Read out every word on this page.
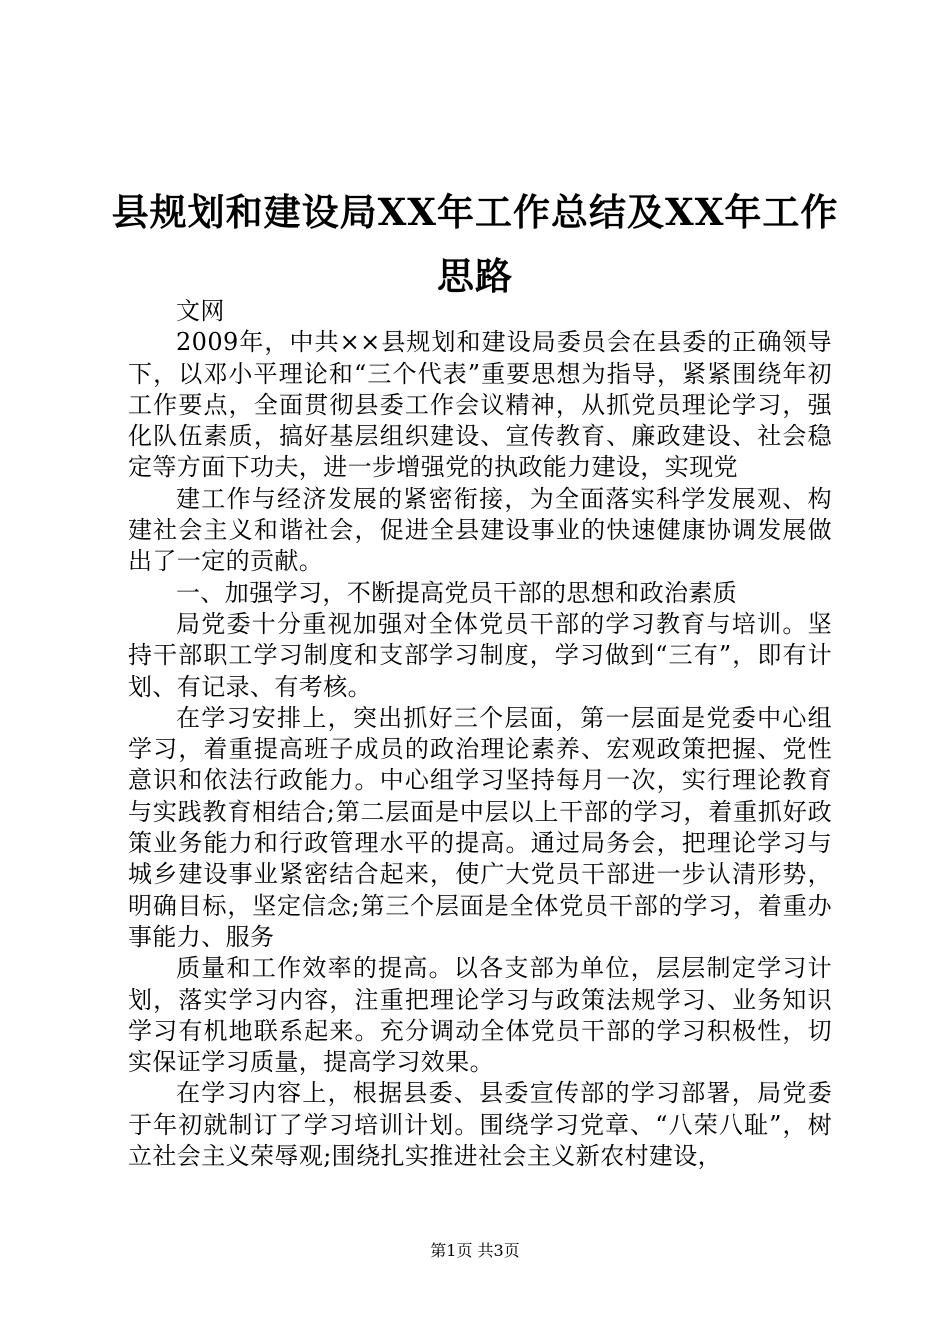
县规划和建设局XX年工作总结及XX年工作思路

文网

2009年，中共××县规划和建设局委员会在县委的正确领导下，以邓小平理论和“三个代表”重要思想为指导，紧紧围绕年初工作要点，全面贯彻县委工作会议精神，从抓党员理论学习，强化队伍素质，搞好基层组织建设、宣传教育、廉政建设、社会稳定等方面下功夫，进一步增强党的执政能力建设，实现党

建工作与经济发展的紧密衔接，为全面落实科学发展观、构建社会主义和谐社会，促进全县建设事业的快速健康协调发展做出了一定的贡献。

一、加强学习，不断提高党员干部的思想和政治素质

局党委十分重视加强对全体党员干部的学习教育与培训。坚持干部职工学习制度和支部学习制度，学习做到“三有”，即有计划、有记录、有考核。

在学习安排上，突出抓好三个层面，第一层面是党委中心组学习，着重提高班子成员的政治理论素养、宏观政策把握、党性意识和依法行政能力。中心组学习坚持每月一次，实行理论教育与实践教育相结合;第二层面是中层以上干部的学习，着重抓好政策业务能力和行政管理水平的提高。通过局务会，把理论学习与城乡建设事业紧密结合起来，使广大党员干部进一步认清形势，明确目标，坚定信念;第三个层面是全体党员干部的学习，着重办事能力、服务

质量和工作效率的提高。以各支部为单位，层层制定学习计划，落实学习内容，注重把理论学习与政策法规学习、业务知识学习有机地联系起来。充分调动全体党员干部的学习积极性，切实保证学习质量，提高学习效果。

在学习内容上，根据县委、县委宣传部的学习部署，局党委于年初就制订了学习培训计划。围绕学习党章、“八荣八耻”，树立社会主义荣辱观;围绕扎实推进社会主义新农村建设，

第1页 共3页
